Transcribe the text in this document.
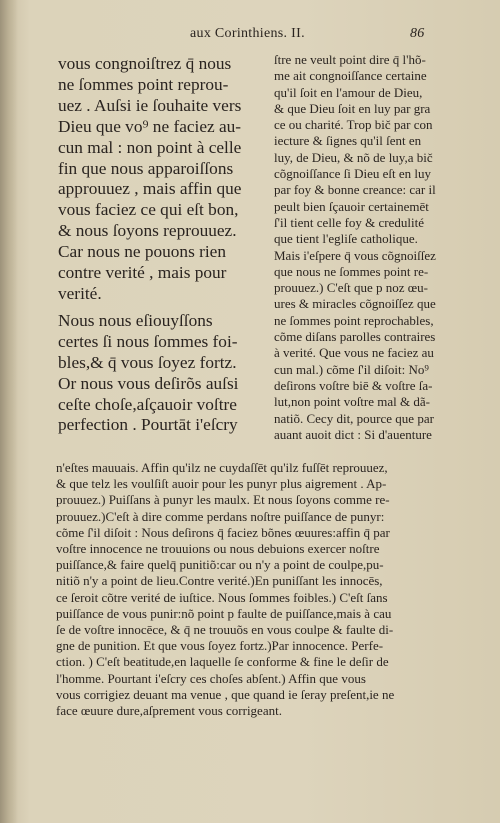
aux Corinthiens. II.	86
vous congnoiſtrez q̄ nous
ne ſommes point reprou-
uez . Auſsi ie ſouhaite vers
Dieu que vo⁹ ne faciez au-
cun mal : non point à celle
fin que nous apparoiſſons
approuuez , mais affin que
vous faciez ce qui eſt bon,
& nous ſoyons reprouuez.
Car nous ne pouons rien
contre verité , mais pour
verité.
Nous nous eſiouyſſons
certes ſi nous ſommes foi-
bles,& q̄ vous ſoyez fortz.
Or nous vous deſirõs auſsi
ceſte choſe,aſçauoir voſtre
perfection . Pourtāt i'eſcry
ſtre ne veult point dire q̄ l'hõ-
me ait congnoiſſance certaine
qu'il ſoit en l'amour de Dieu,
& que Dieu ſoit en luy par gra
ce ou charité. Trop bič par con
iecture & ſignes qu'il ſent en
luy, de Dieu, & nõ de luy,a bič
cõgnoiſſance ſi Dieu eſt en luy
par foy & bonne creance: car il
peult bien ſçauoir certainemēt
ſ'il tient celle foy & credulité
que tient l'egliſe catholique.
Mais i'eſpere q̄ vous cõgnoiſſez
que nous ne ſommes point re-
prouuez.) C'eſt que p noz œu-
ures & miracles cõgnoiſſez que
ne ſommes point reprochables,
cõme diſans parolles contraires
à verité. Que vous ne faciez au
cun mal.) cõme ſ'il diſoit: No⁹
deſirons voſtre biē & voſtre ſa-
lut,non point voſtre mal & dã-
natiõ. Cecy dit, pource que par
auant auoit dict : Si d'auenture
n'eſtes mauuais. Affin qu'ilz ne cuydaſſēt qu'ilz fuſſēt reprouuez,
& que telz les voulſiſt auoir pour les punyr plus aigrement . Ap-
prouuez.) Puiſſans à punyr les maulx. Et nous ſoyons comme re-
prouuez.)C'eſt à dire comme perdans noſtre puiſſance de punyr:
cõme ſ'il diſoit : Nous deſirons q̄ faciez bõnes œuures:affin q̄ par
voſtre innocence ne trouuions ou nous debuions exercer noſtre
puiſſance,& faire quelq̄ punitiõ:car ou n'y a point de coulpe,pu-
nitiõ n'y a point de lieu.Contre verité.)En puniſſant les innocēs,
ce ſeroit cõtre verité de iuſtice. Nous ſommes foibles.) C'eſt ſans
puiſſance de vous punir:nõ point p faulte de puiſſance,mais à cau
ſe de voſtre innocēce, & q̄ ne trouuõs en vous coulpe & faulte di-
gne de punition. Et que vous ſoyez fortz.)Par innocence. Perfe-
ction. ) C'eſt beatitude,en laquelle ſe conforme & fine le deſir de
l'homme. Pourtant i'eſcry ces choſes abſent.) Affin que vous
vous corrigiez deuant ma venue , que quand ie ſeray preſent,ie ne
face œuure dure,aſprement vous corrigeant.
